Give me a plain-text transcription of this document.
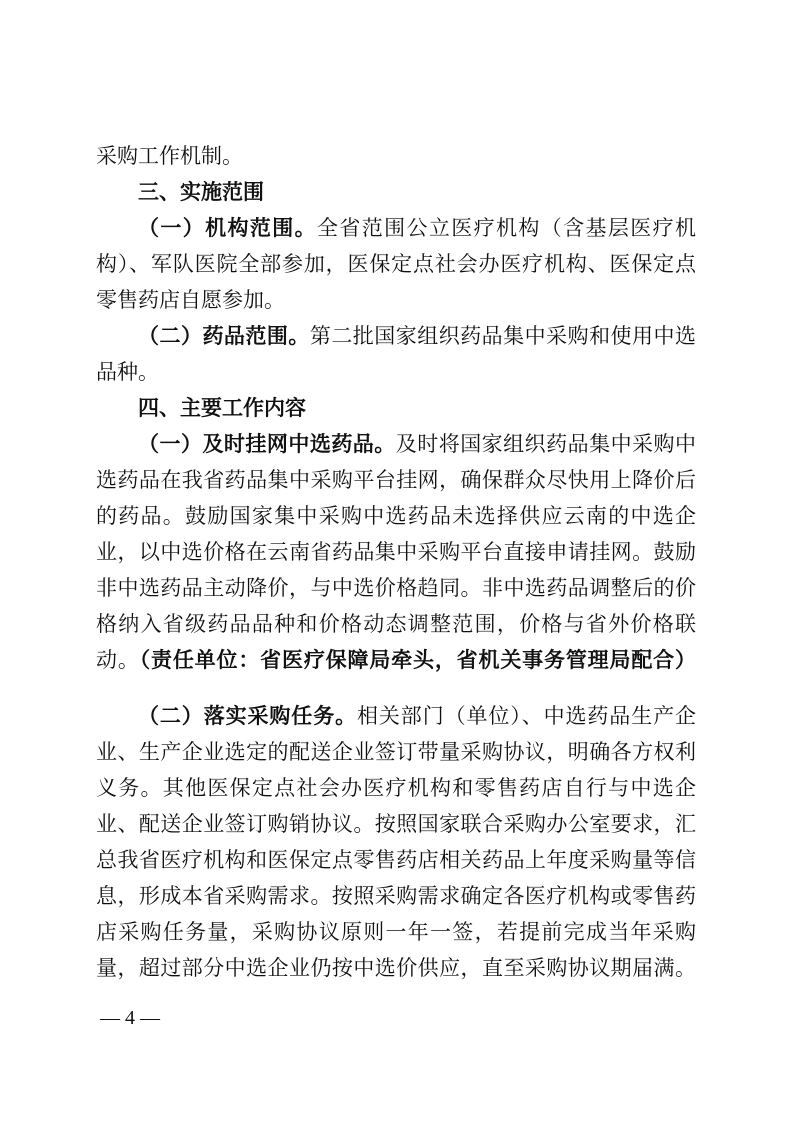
采购工作机制。
三、实施范围
（一）机构范围。全省范围公立医疗机构（含基层医疗机
构）、军队医院全部参加，医保定点社会办医疗机构、医保定点
零售药店自愿参加。
（二）药品范围。第二批国家组织药品集中采购和使用中选
品种。
四、主要工作内容
（一）及时挂网中选药品。及时将国家组织药品集中采购中
选药品在我省药品集中采购平台挂网，确保群众尽快用上降价后
的药品。鼓励国家集中采购中选药品未选择供应云南的中选企
业，以中选价格在云南省药品集中采购平台直接申请挂网。鼓励
非中选药品主动降价，与中选价格趋同。非中选药品调整后的价
格纳入省级药品品种和价格动态调整范围，价格与省外价格联
动。（责任单位：省医疗保障局牵头，省机关事务管理局配合）
（二）落实采购任务。相关部门（单位）、中选药品生产企
业、生产企业选定的配送企业签订带量采购协议，明确各方权利
义务。其他医保定点社会办医疗机构和零售药店自行与中选企
业、配送企业签订购销协议。按照国家联合采购办公室要求，汇
总我省医疗机构和医保定点零售药店相关药品上年度采购量等信
息，形成本省采购需求。按照采购需求确定各医疗机构或零售药
店采购任务量，采购协议原则一年一签，若提前完成当年采购
量，超过部分中选企业仍按中选价供应，直至采购协议期届满。
— 4 —
